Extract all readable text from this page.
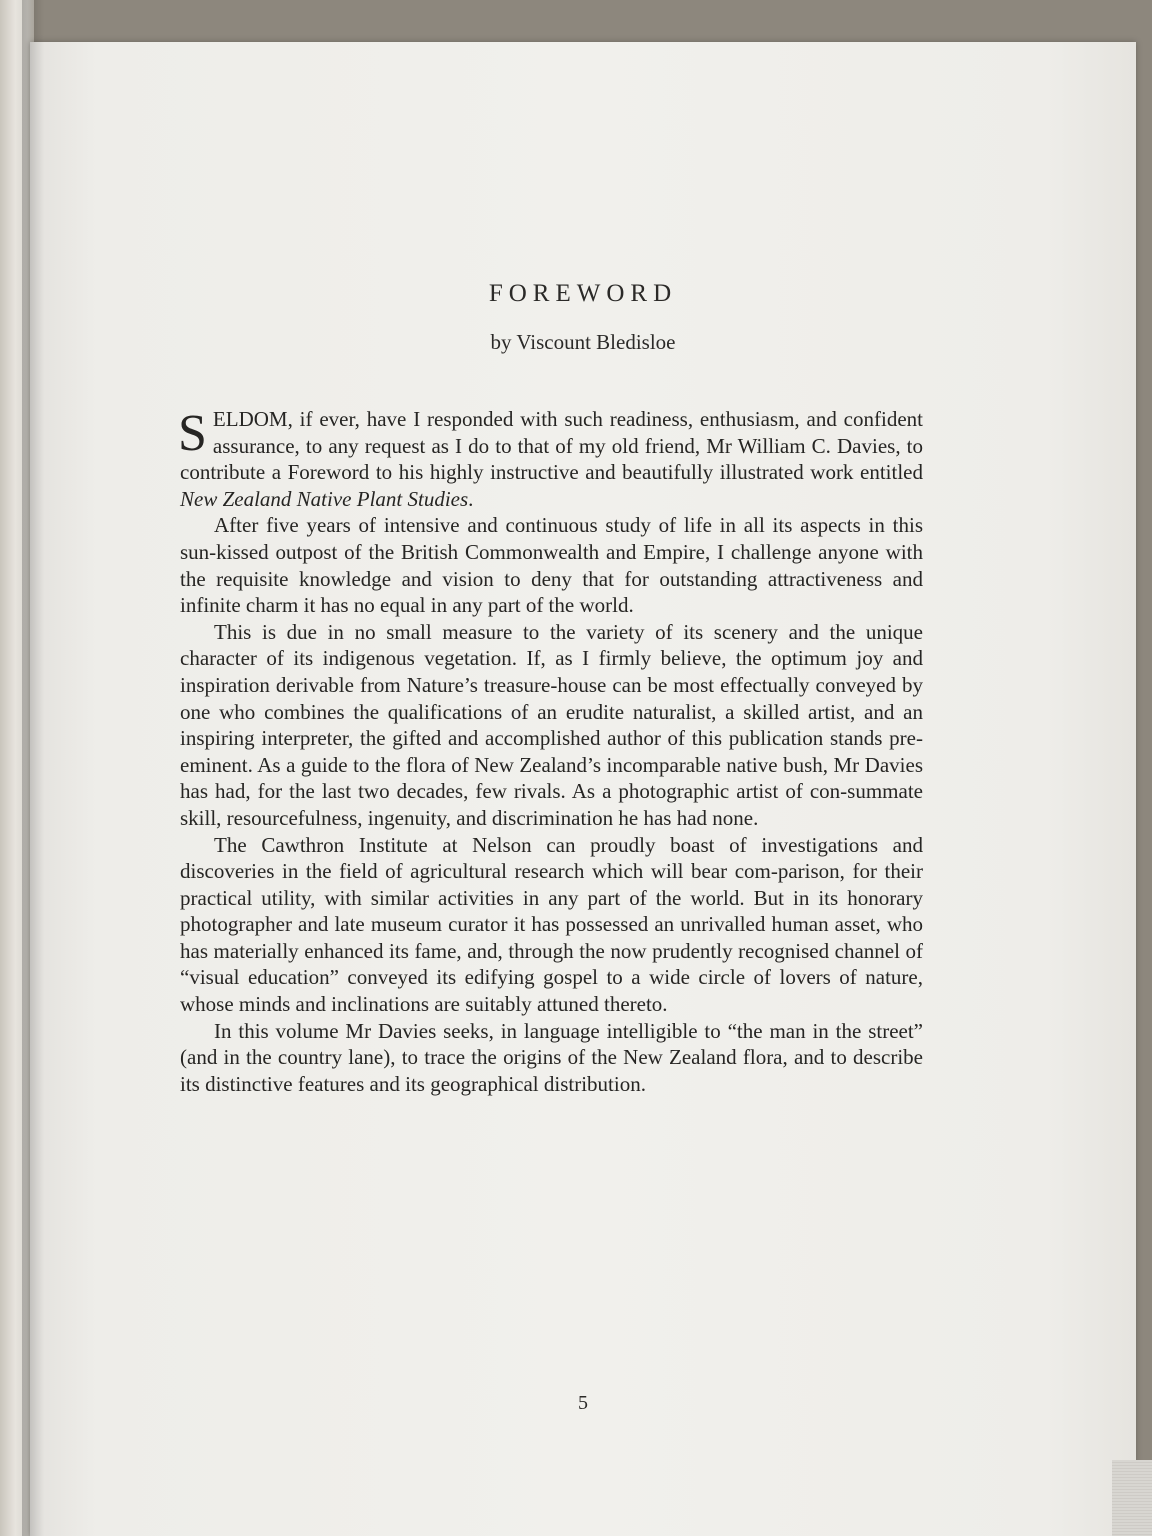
FOREWORD
by Viscount Bledisloe

SELDOM, if ever, have I responded with such readiness, enthusiasm, and confident assurance, to any request as I do to that of my old friend, Mr William C. Davies, to contribute a Foreword to his highly instructive and beautifully illustrated work entitled New Zealand Native Plant Studies.

After five years of intensive and continuous study of life in all its aspects in this sun-kissed outpost of the British Commonwealth and Empire, I challenge anyone with the requisite knowledge and vision to deny that for outstanding attractiveness and infinite charm it has no equal in any part of the world.

This is due in no small measure to the variety of its scenery and the unique character of its indigenous vegetation. If, as I firmly believe, the optimum joy and inspiration derivable from Nature’s treasure-house can be most effectually conveyed by one who combines the qualifications of an erudite naturalist, a skilled artist, and an inspiring interpreter, the gifted and accomplished author of this publication stands pre-eminent. As a guide to the flora of New Zealand’s incomparable native bush, Mr Davies has had, for the last two decades, few rivals. As a photographic artist of con-summate skill, resourcefulness, ingenuity, and discrimination he has had none.

The Cawthron Institute at Nelson can proudly boast of investigations and discoveries in the field of agricultural research which will bear com-parison, for their practical utility, with similar activities in any part of the world. But in its honorary photographer and late museum curator it has possessed an unrivalled human asset, who has materially enhanced its fame, and, through the now prudently recognised channel of “visual education” conveyed its edifying gospel to a wide circle of lovers of nature, whose minds and inclinations are suitably attuned thereto.

In this volume Mr Davies seeks, in language intelligible to “the man in the street” (and in the country lane), to trace the origins of the New Zealand flora, and to describe its distinctive features and its geographical distribution.

5
